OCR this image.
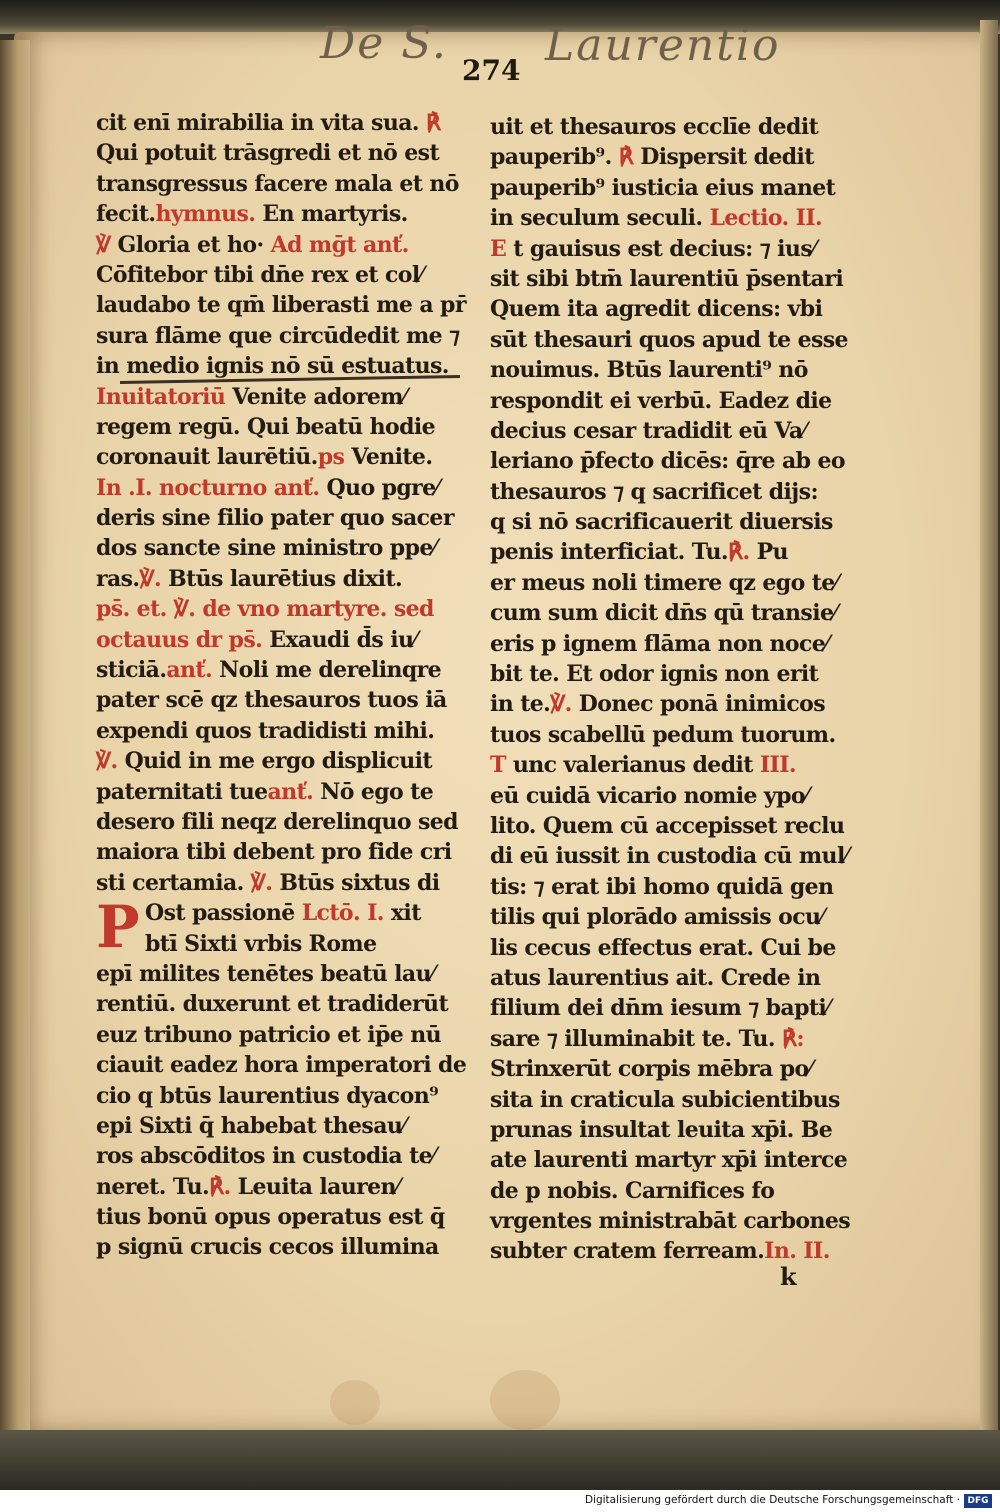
De S. Laurentio
274
cit enī mirabilia in vita sua. ℟
Qui potuit trāsgredi et nō est
transgressus facere mala et nō
fecit.hymnus. En martyris.
℣ Gloria et ho· Ad mḡt anť.
Cōfitebor tibi dn̄e rex et col⁄
laudabo te qm̄ liberasti me a pr̄
sura flāme que circūdedit me ⁊
in medio ignis nō sū estuatus.
Inuitatoriū Venite adorem⁄
regem regū. Qui beatū hodie
coronauit laurētiū.ps Venite.
In .I. nocturno anť. Quo pgre⁄
deris sine filio pater quo sacer
dos sancte sine ministro ppe⁄
ras.℣. Btūs laurētius dixit.
ps̄. et. ℣. de vno martyre. sed
octauus dr ps̄. Exaudi d̄s iu⁄
sticiā.anť. Noli me derelinqre
pater scē qz thesauros tuos iā
expendi quos tradidisti mihi.
℣. Quid in me ergo displicuit
paternitati tueanť. Nō ego te
desero fili neqz derelinquo sed
maiora tibi debent pro fide cri
sti certamia. ℣. Btūs sixtus di
P Ost passionē Lctō. I. xit
btī Sixti vrbis Rome
epī milites tenētes beatū lau⁄
rentiū. duxerunt et tradiderūt
euz tribuno patricio et ip̄e nū
ciauit eadez hora imperatori de
cio q btūs laurentius dyacon⁹
epi Sixti q̄ habebat thesau⁄
ros abscōditos in custodia te⁄
neret. Tu.℟. Leuita lauren⁄
tius bonū opus operatus est q̄
p signū crucis cecos illumina
uit et thesauros ecclīe dedit
pauperib⁹. ℟ Dispersit dedit
pauperib⁹ iusticia eius manet
in seculum seculi. Lectio. II.
E t gauisus est decius: ⁊ ius⁄
sit sibi btm̄ laurentiū p̄sentari
Quem ita agredit dicens: vbi
sūt thesauri quos apud te esse
nouimus. Btūs laurenti⁹ nō
respondit ei verbū. Eadez die
decius cesar tradidit eū Va⁄
leriano p̄fecto dicēs: q̄re ab eo
thesauros ⁊ q sacrificet dijs:
q si nō sacrificauerit diuersis
penis interficiat. Tu.℟. Pu
er meus noli timere qz ego te⁄
cum sum dicit dn̄s qū transie⁄
eris p ignem flāma non noce⁄
bit te. Et odor ignis non erit
in te.℣. Donec ponā inimicos
tuos scabellū pedum tuorum.
T unc valerianus dedit III.
eū cuidā vicario nomie ypo⁄
lito. Quem cū accepisset reclu
di eū iussit in custodia cū mul⁄
tis: ⁊ erat ibi homo quidā gen
tilis qui plorādo amissis ocu⁄
lis cecus effectus erat. Cui be
atus laurentius ait. Crede in
filium dei dn̄m iesum ⁊ bapti⁄
sare ⁊ illuminabit te. Tu. ℟:
Strinxerūt corpis mēbra po⁄
sita in craticula subicientibus
prunas insultat leuita xp̄i. Be
ate laurenti martyr xp̄i interce
de p nobis. Carnifices fo
vrgentes ministrabāt carbones
subter cratem ferream.In. II.
k
Digitalisierung gefördert durch die Deutsche Forschungsgemeinschaft · DFG
